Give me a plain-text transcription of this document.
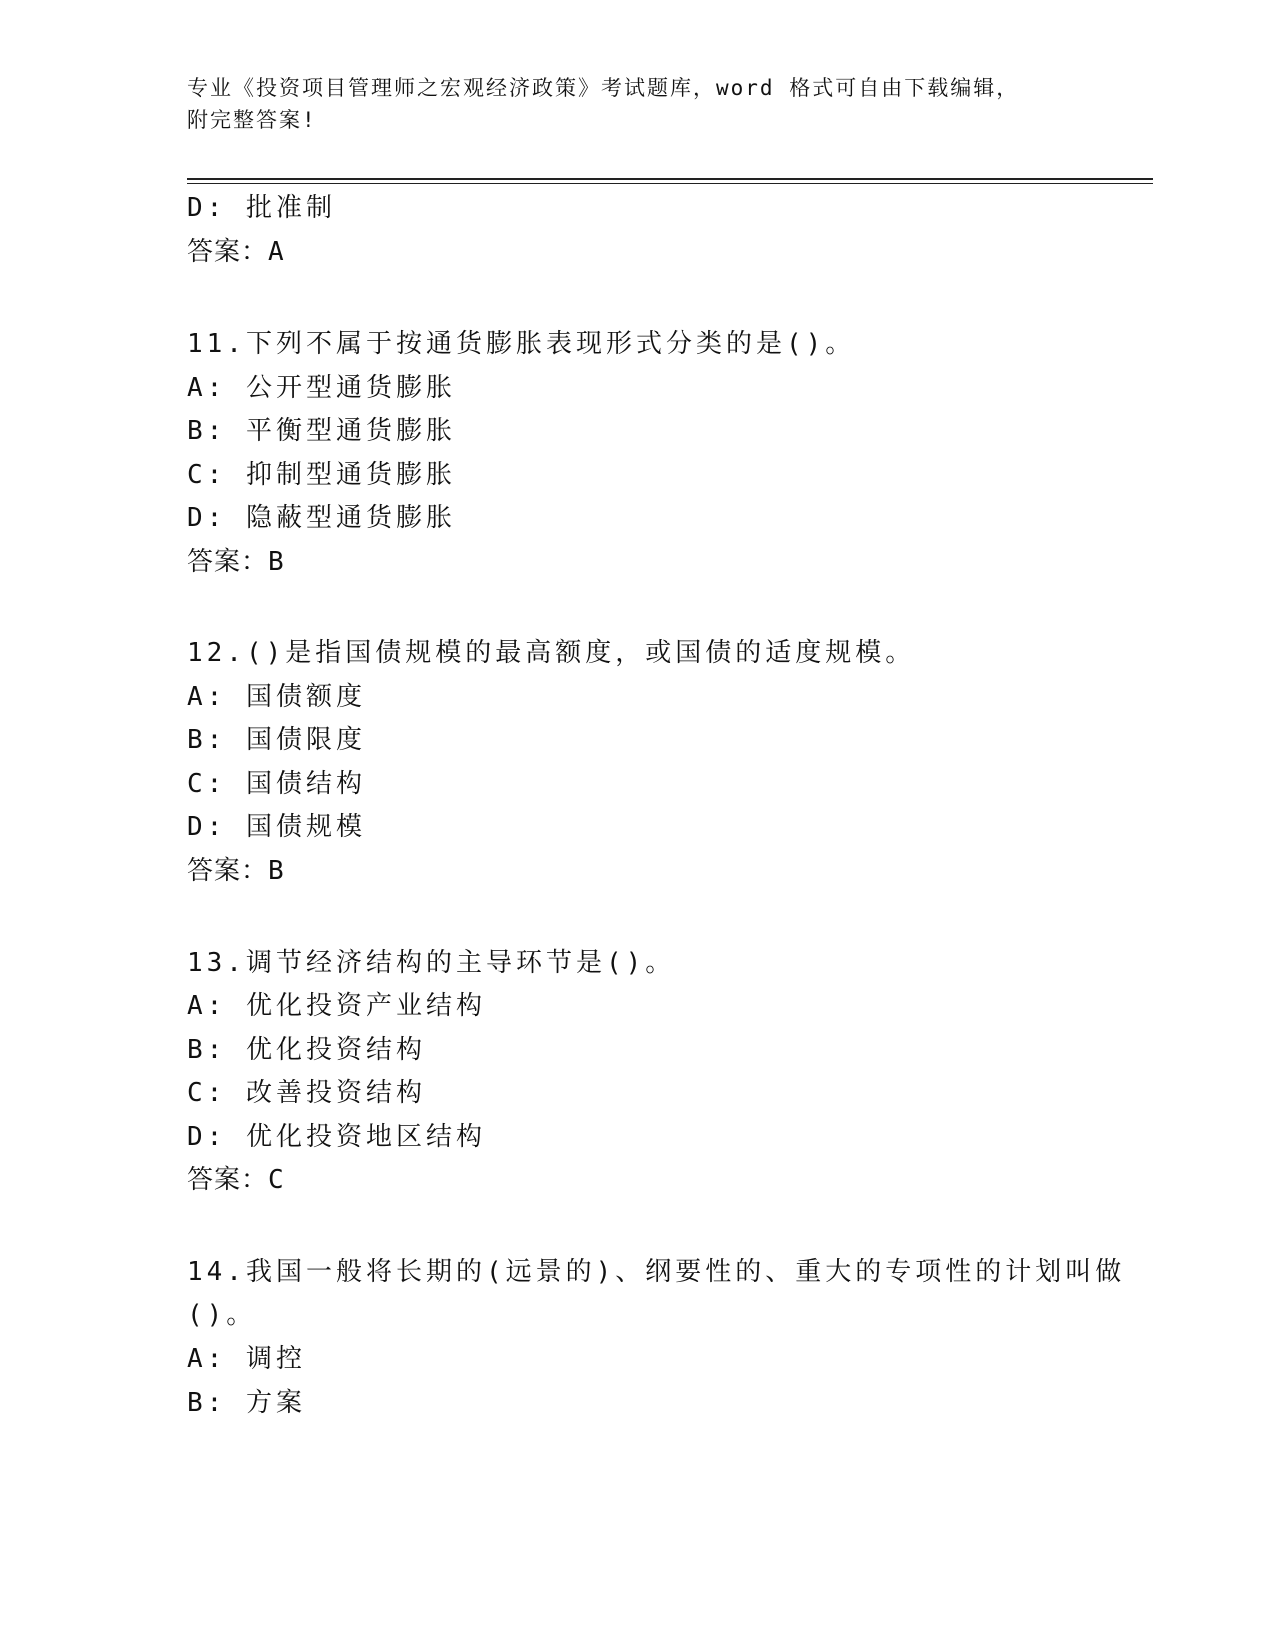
专业《投资项目管理师之宏观经济政策》考试题库，word 格式可自由下载编辑，
附完整答案!
D: 批准制
答案：A
11.下列不属于按通货膨胀表现形式分类的是()。
A: 公开型通货膨胀
B: 平衡型通货膨胀
C: 抑制型通货膨胀
D: 隐蔽型通货膨胀
答案：B
12.()是指国债规模的最高额度，或国债的适度规模。
A: 国债额度
B: 国债限度
C: 国债结构
D: 国债规模
答案：B
13.调节经济结构的主导环节是()。
A: 优化投资产业结构
B: 优化投资结构
C: 改善投资结构
D: 优化投资地区结构
答案：C
14.我国一般将长期的(远景的)、纲要性的、重大的专项性的计划叫做
()。
A: 调控
B: 方案
